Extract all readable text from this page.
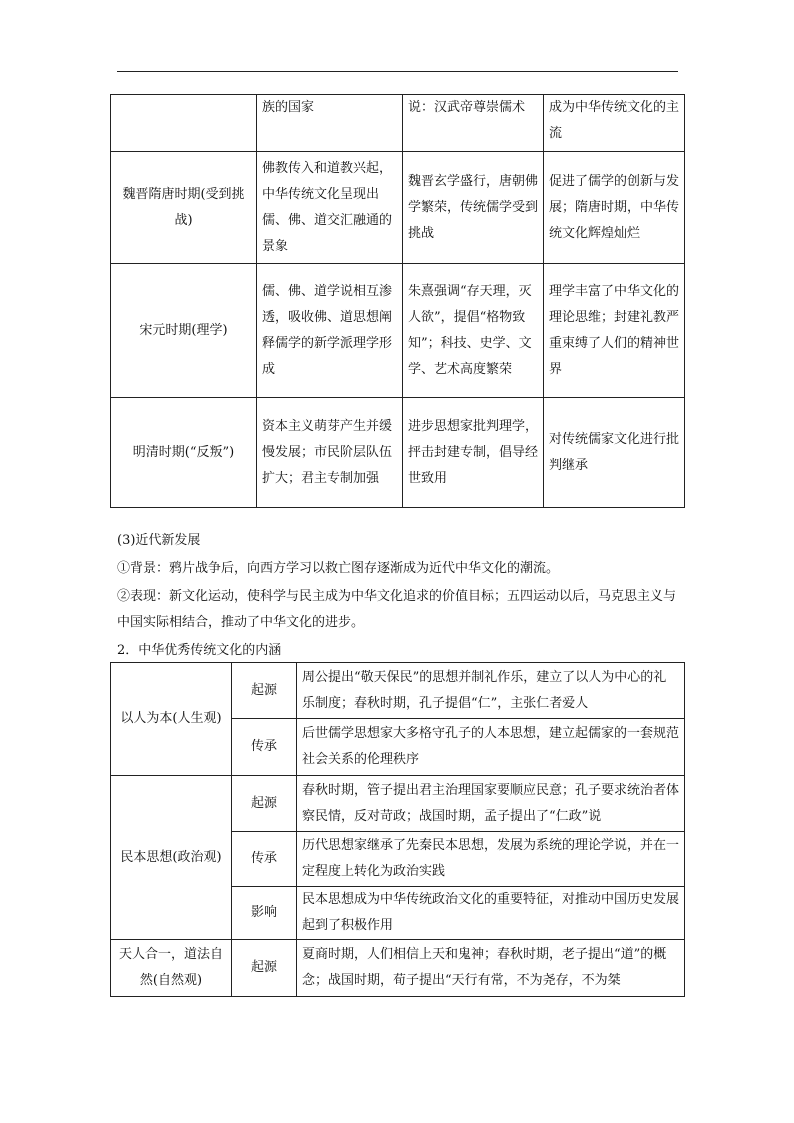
	族的国家	说：汉武帝尊崇儒术	成为中华传统文化的主流
魏晋隋唐时期(受到挑战)	佛教传入和道教兴起，中华传统文化呈现出儒、佛、道交汇融通的景象	魏晋玄学盛行，唐朝佛学繁荣，传统儒学受到挑战	促进了儒学的创新与发展；隋唐时期，中华传统文化辉煌灿烂
宋元时期(理学)	儒、佛、道学说相互渗透，吸收佛、道思想阐释儒学的新学派理学形成	朱熹强调“存天理，灭人欲”，提倡“格物致知”；科技、史学、文学、艺术高度繁荣	理学丰富了中华文化的理论思维；封建礼教严重束缚了人们的精神世界
明清时期(“反叛”)	资本主义萌芽产生并缓慢发展；市民阶层队伍扩大；君主专制加强	进步思想家批判理学，抨击封建专制，倡导经世致用	对传统儒家文化进行批判继承

(3)近代新发展

①背景：鸦片战争后，向西方学习以救亡图存逐渐成为近代中华文化的潮流。

②表现：新文化运动，使科学与民主成为中华文化追求的价值目标；五四运动以后，马克思主义与中国实际相结合，推动了中华文化的进步。

2．中华优秀传统文化的内涵

以人为本(人生观)	起源	周公提出“敬天保民”的思想并制礼作乐，建立了以人为中心的礼乐制度；春秋时期，孔子提倡“仁”，主张仁者爱人
	传承	后世儒学思想家大多格守孔子的人本思想，建立起儒家的一套规范社会关系的伦理秩序
民本思想(政治观)	起源	春秋时期，管子提出君主治理国家要顺应民意；孔子要求统治者体察民情，反对苛政；战国时期，孟子提出了“仁政”说
	传承	历代思想家继承了先秦民本思想，发展为系统的理论学说，并在一定程度上转化为政治实践
	影响	民本思想成为中华传统政治文化的重要特征，对推动中国历史发展起到了积极作用
天人合一，道法自然(自然观)	起源	夏商时期，人们相信上天和鬼神；春秋时期，老子提出“道”的概念；战国时期，荀子提出“天行有常，不为尧存，不为桀
